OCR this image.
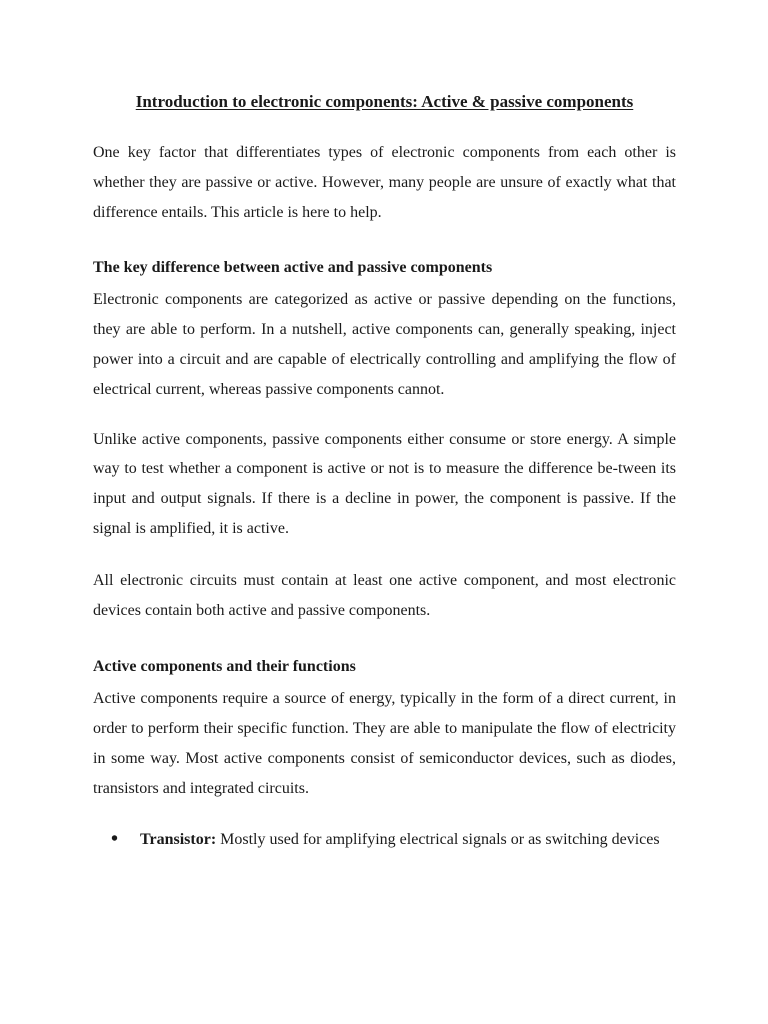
Introduction to electronic components: Active & passive components

One key factor that differentiates types of electronic components from each other is whether they are passive or active. However, many people are unsure of exactly what that difference entails. This article is here to help.

The key difference between active and passive components

Electronic components are categorized as active or passive depending on the functions, they are able to perform. In a nutshell, active components can, generally speaking, inject power into a circuit and are capable of electrically controlling and amplifying the flow of electrical current, whereas passive components cannot.

Unlike active components, passive components either consume or store energy. A simple way to test whether a component is active or not is to measure the difference be-tween its input and output signals. If there is a decline in power, the component is passive. If the signal is amplified, it is active.

All electronic circuits must contain at least one active component, and most electronic devices contain both active and passive components.

Active components and their functions

Active components require a source of energy, typically in the form of a direct current, in order to perform their specific function. They are able to manipulate the flow of electricity in some way. Most active components consist of semiconductor devices, such as diodes, transistors and integrated circuits.

• Transistor: Mostly used for amplifying electrical signals or as switching devices
